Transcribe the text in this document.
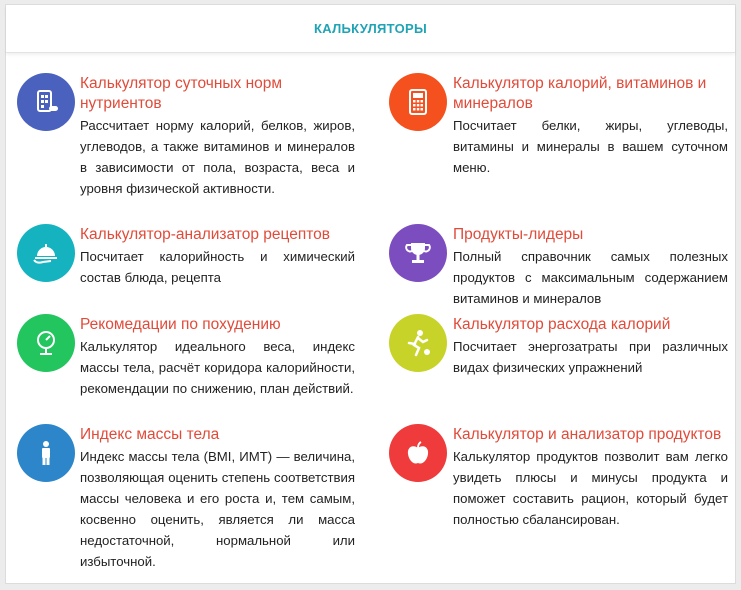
КАЛЬКУЛЯТОРЫ
Калькулятор суточных норм нутриентов
Рассчитает норму калорий, белков, жиров, углеводов, а также витаминов и минералов в зависимости от пола, возраста, веса и уровня физической активности.
Калькулятор калорий, витаминов и минералов
Посчитает белки, жиры, углеводы, витамины и минералы в вашем суточном меню.
Калькулятор-анализатор рецептов
Посчитает калорийность и химический состав блюда, рецепта
Продукты-лидеры
Полный справочник самых полезных продуктов с максимальным содержанием витаминов и минералов
Рекомедации по похудению
Калькулятор идеального веса, индекс массы тела, расчёт коридора калорийности, рекомендации по снижению, план действий.
Калькулятор расхода калорий
Посчитает энергозатраты при различных видах физических упражнений
Индекс массы тела
Индекс массы тела (BMI, ИМТ) — величина, позволяющая оценить степень соответствия массы человека и его роста и, тем самым, косвенно оценить, является ли масса недостаточной, нормальной или избыточной.
Калькулятор и анализатор продуктов
Калькулятор продуктов позволит вам легко увидеть плюсы и минусы продукта и поможет составить рацион, который будет полностью сбалансирован.
